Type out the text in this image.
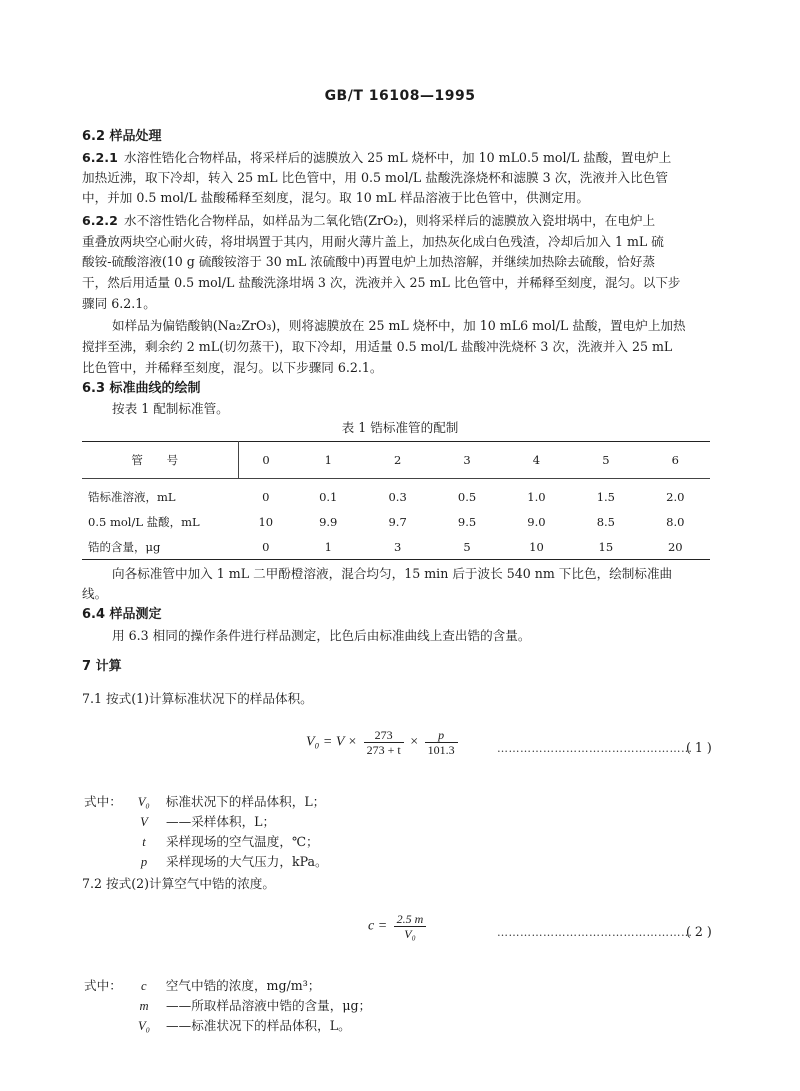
GB/T 16108—1995
6.2 样品处理
6.2.1 水溶性锆化合物样品，将采样后的滤膜放入 25 mL 烧杯中，加 10 mL0.5 mol/L 盐酸，置电炉上
加热近沸，取下冷却，转入 25 mL 比色管中，用 0.5 mol/L 盐酸洗涤烧杯和滤膜 3 次，洗液并入比色管
中，并加 0.5 mol/L 盐酸稀释至刻度，混匀。取 10 mL 样品溶液于比色管中，供测定用。
6.2.2 水不溶性锆化合物样品，如样品为二氧化锆(ZrO₂)，则将采样后的滤膜放入瓷坩埚中，在电炉上
重叠放两块空心耐火砖，将坩埚置于其内，用耐火薄片盖上，加热灰化成白色残渣，冷却后加入 1 mL 硫
酸铵-硫酸溶液(10 g 硫酸铵溶于 30 mL 浓硫酸中)再置电炉上加热溶解，并继续加热除去硫酸，恰好蒸
干，然后用适量 0.5 mol/L 盐酸洗涤坩埚 3 次，洗液并入 25 mL 比色管中，并稀释至刻度，混匀。以下步
骤同 6.2.1。
如样品为偏锆酸钠(Na₂ZrO₃)，则将滤膜放在 25 mL 烧杯中，加 10 mL6 mol/L 盐酸，置电炉上加热
搅拌至沸，剩余约 2 mL(切勿蒸干)，取下冷却，用适量 0.5 mol/L 盐酸冲洗烧杯 3 次，洗液并入 25 mL
比色管中，并稀释至刻度，混匀。以下步骤同 6.2.1。
6.3 标准曲线的绘制
按表 1 配制标准管。
表 1 锆标准管的配制
管 号	0	1	2	3	4	5	6
锆标准溶液，mL	0	0.1	0.3	0.5	1.0	1.5	2.0
0.5 mol/L 盐酸，mL	10	9.9	9.7	9.5	9.0	8.5	8.0
锆的含量，μg	0	1	3	5	10	15	20
向各标准管中加入 1 mL 二甲酚橙溶液，混合均匀，15 min 后于波长 540 nm 下比色，绘制标准曲
线。
6.4 样品测定
用 6.3 相同的操作条件进行样品测定，比色后由标准曲线上查出锆的含量。
7 计算
7.1 按式(1)计算标准状况下的样品体积。
$V_0 = V \times \frac{273}{273 + t} \times \frac{p}{101.3}$	……………………………………………
( 1 )
式中： V₀ 标准状况下的样品体积，L；
V ——采样体积，L；
t 采样现场的空气温度，℃；
p 采样现场的大气压力，kPa。
7.2 按式(2)计算空气中锆的浓度。
$c = \frac{2.5 m}{\text{V₀}}$	……………………………………………
( 2 )
式中： c 空气中锆的浓度，mg/m³；
m ——所取样品溶液中锆的含量，μg；
V₀ ——标准状况下的样品体积，L。
